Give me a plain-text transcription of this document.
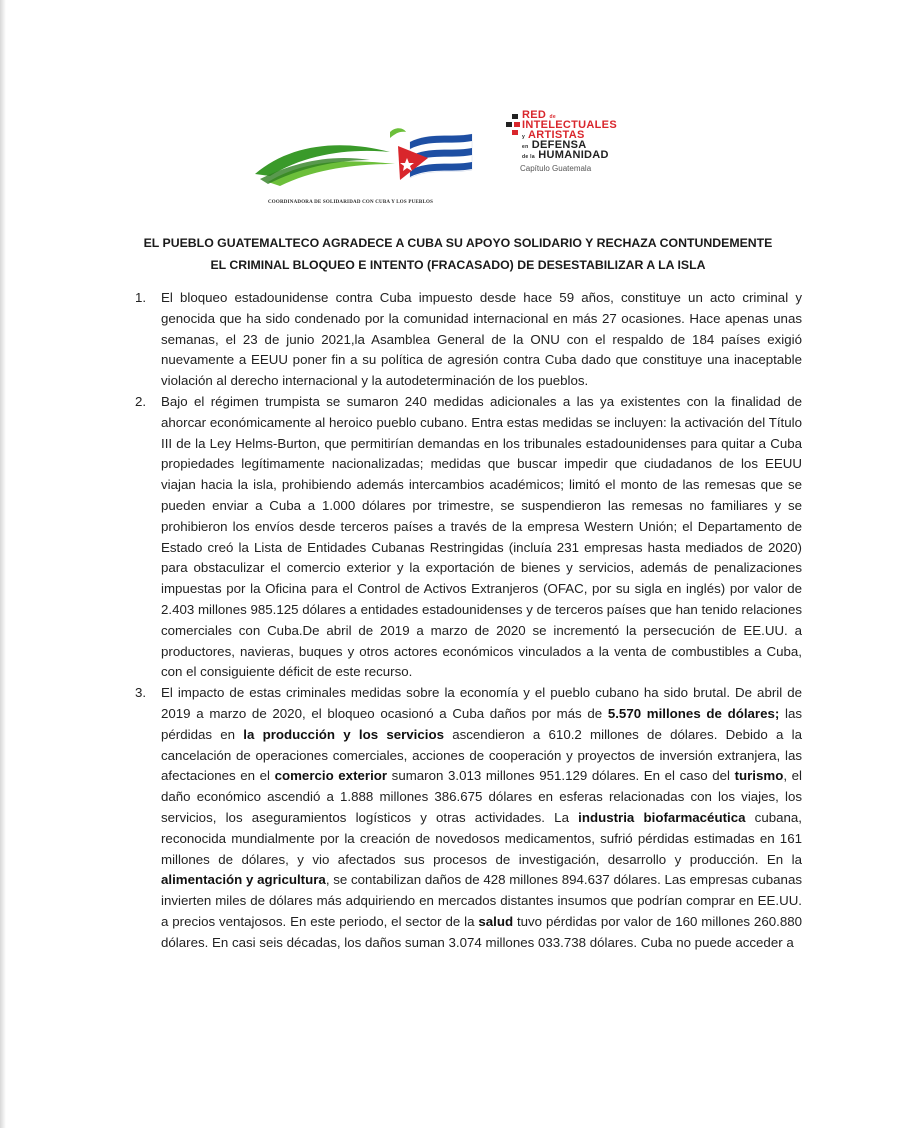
COORDINADORA DE SOLIDARIDAD CON CUBA Y LOS PUEBLOS
RED de
INTELECTUALES
y ARTISTAS
en DEFENSA
de la HUMANIDAD
Capítulo Guatemala
EL PUEBLO GUATEMALTECO AGRADECE A CUBA SU APOYO SOLIDARIO Y RECHAZA CONTUNDEMENTE
EL CRIMINAL BLOQUEO E INTENTO (FRACASADO) DE DESESTABILIZAR A LA ISLA
1. El bloqueo estadounidense contra Cuba impuesto desde hace 59 años, constituye un acto criminal y genocida que ha sido condenado por la comunidad internacional en más 27 ocasiones. Hace apenas unas semanas, el 23 de junio 2021,la Asamblea General de la ONU con el respaldo de 184 países exigió nuevamente a EEUU poner fin a su política de agresión contra Cuba dado que constituye una inaceptable violación al derecho internacional y la autodeterminación de los pueblos.
2. Bajo el régimen trumpista se sumaron 240 medidas adicionales a las ya existentes con la finalidad de ahorcar económicamente al heroico pueblo cubano. Entra estas medidas se incluyen: la activación del Título III de la Ley Helms-Burton, que permitirían demandas en los tribunales estadounidenses para quitar a Cuba propiedades legítimamente nacionalizadas; medidas que buscar impedir que ciudadanos de los EEUU viajan hacia la isla, prohibiendo además intercambios académicos; limitó el monto de las remesas que se pueden enviar a Cuba a 1.000 dólares por trimestre, se suspendieron las remesas no familiares y se prohibieron los envíos desde terceros países a través de la empresa Western Unión; el Departamento de Estado creó la Lista de Entidades Cubanas Restringidas (incluía 231 empresas hasta mediados de 2020) para obstaculizar el comercio exterior y la exportación de bienes y servicios, además de penalizaciones impuestas por la Oficina para el Control de Activos Extranjeros (OFAC, por su sigla en inglés) por valor de 2.403 millones 985.125 dólares a entidades estadounidenses y de terceros países que han tenido relaciones comerciales con Cuba.De abril de 2019 a marzo de 2020 se incrementó la persecución de EE.UU. a productores, navieras, buques y otros actores económicos vinculados a la venta de combustibles a Cuba, con el consiguiente déficit de este recurso.
3. El impacto de estas criminales medidas sobre la economía y el pueblo cubano ha sido brutal. De abril de 2019 a marzo de 2020, el bloqueo ocasionó a Cuba daños por más de 5.570 millones de dólares; las pérdidas en la producción y los servicios ascendieron a 610.2 millones de dólares. Debido a la cancelación de operaciones comerciales, acciones de cooperación y proyectos de inversión extranjera, las afectaciones en el comercio exterior sumaron 3.013 millones 951.129 dólares. En el caso del turismo, el daño económico ascendió a 1.888 millones 386.675 dólares en esferas relacionadas con los viajes, los servicios, los aseguramientos logísticos y otras actividades. La industria biofarmacéutica cubana, reconocida mundialmente por la creación de novedosos medicamentos, sufrió pérdidas estimadas en 161 millones de dólares, y vio afectados sus procesos de investigación, desarrollo y producción. En la alimentación y agricultura, se contabilizan daños de 428 millones 894.637 dólares. Las empresas cubanas invierten miles de dólares más adquiriendo en mercados distantes insumos que podrían comprar en EE.UU. a precios ventajosos. En este periodo, el sector de la salud tuvo pérdidas por valor de 160 millones 260.880 dólares. En casi seis décadas, los daños suman 3.074 millones 033.738 dólares. Cuba no puede acceder a
